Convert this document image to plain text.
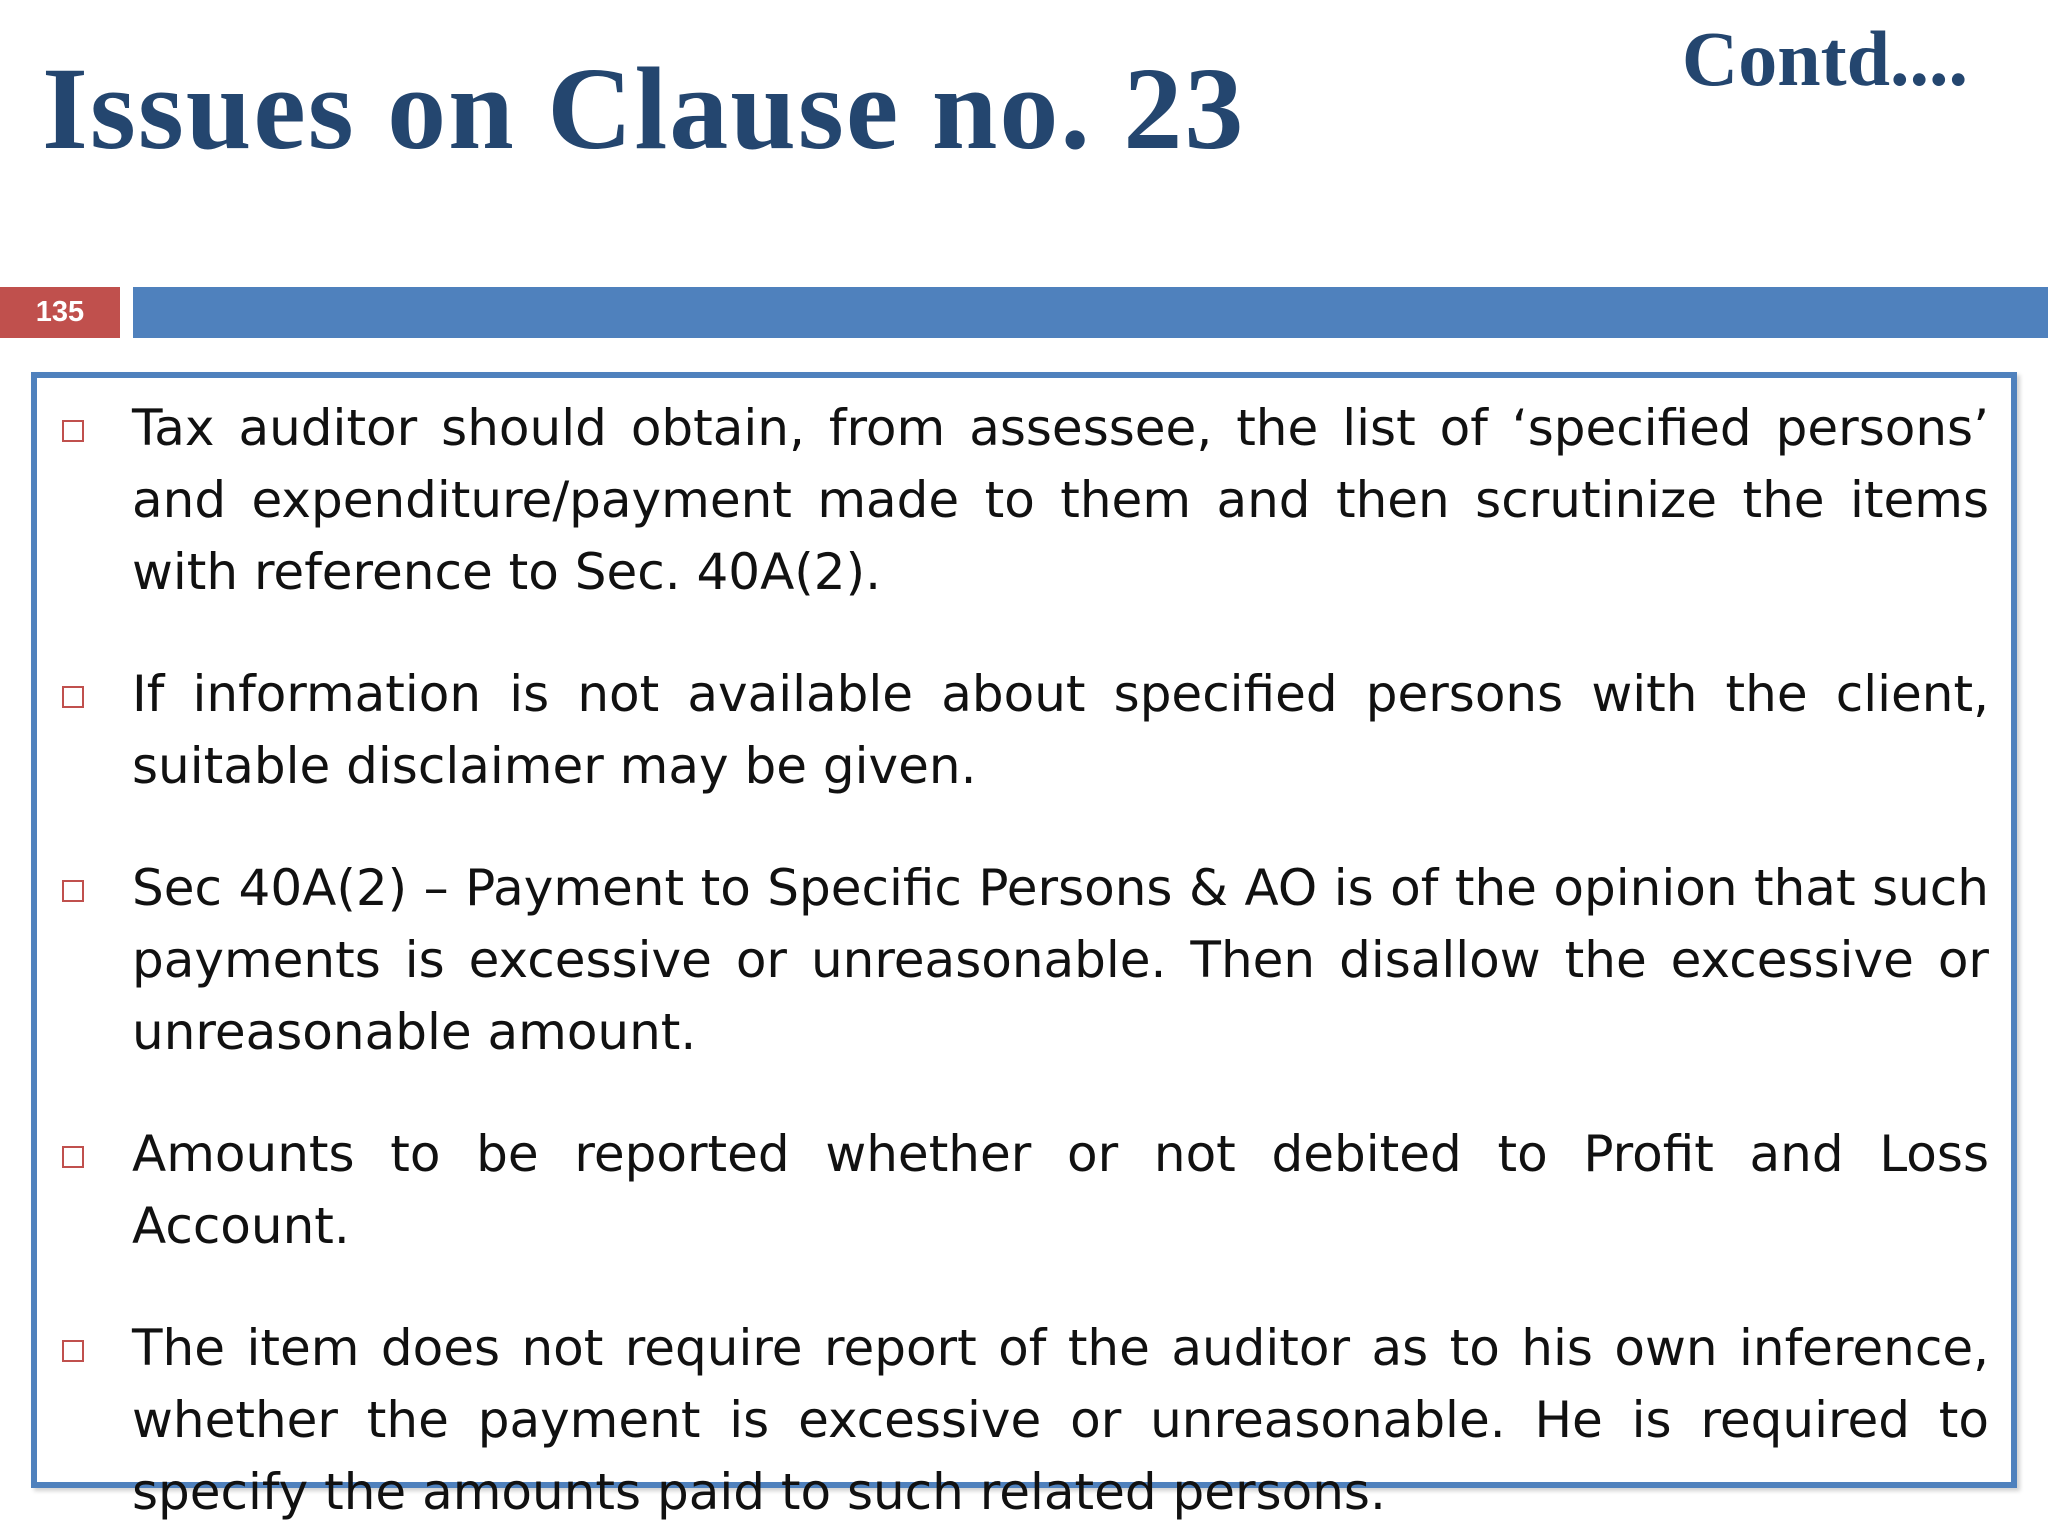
Issues on Clause no. 23	Contd....
135
Tax auditor should obtain, from assessee, the list of ‘specified persons’ and expenditure/payment made to them and then scrutinize the items with reference to Sec. 40A(2).
If information is not available about specified persons with the client, suitable disclaimer may be given.
Sec 40A(2) – Payment to Specific Persons & AO is of the opinion that such payments is excessive or unreasonable. Then disallow the excessive or unreasonable amount.
Amounts to be reported whether or not debited to Profit and Loss Account.
The item does not require report of the auditor as to his own inference, whether the payment is excessive or unreasonable. He is required to specify the amounts paid to such related persons.
